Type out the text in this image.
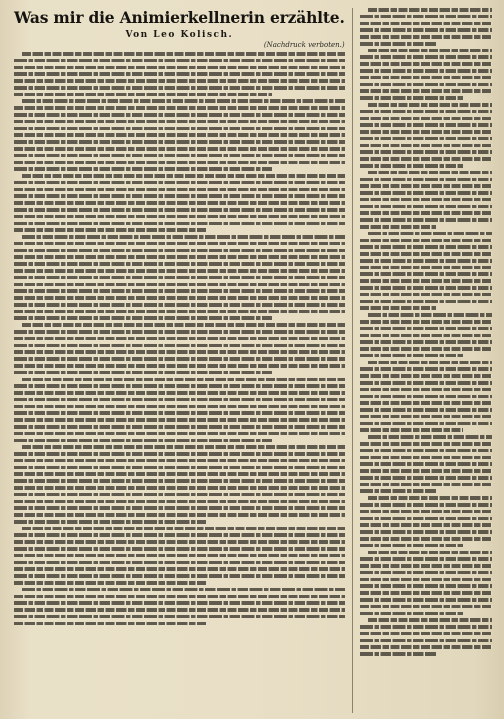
Was mir die Animierkellnerin erzählte.
Von Leo Kolisch.
(Nachdruck verboten.)
